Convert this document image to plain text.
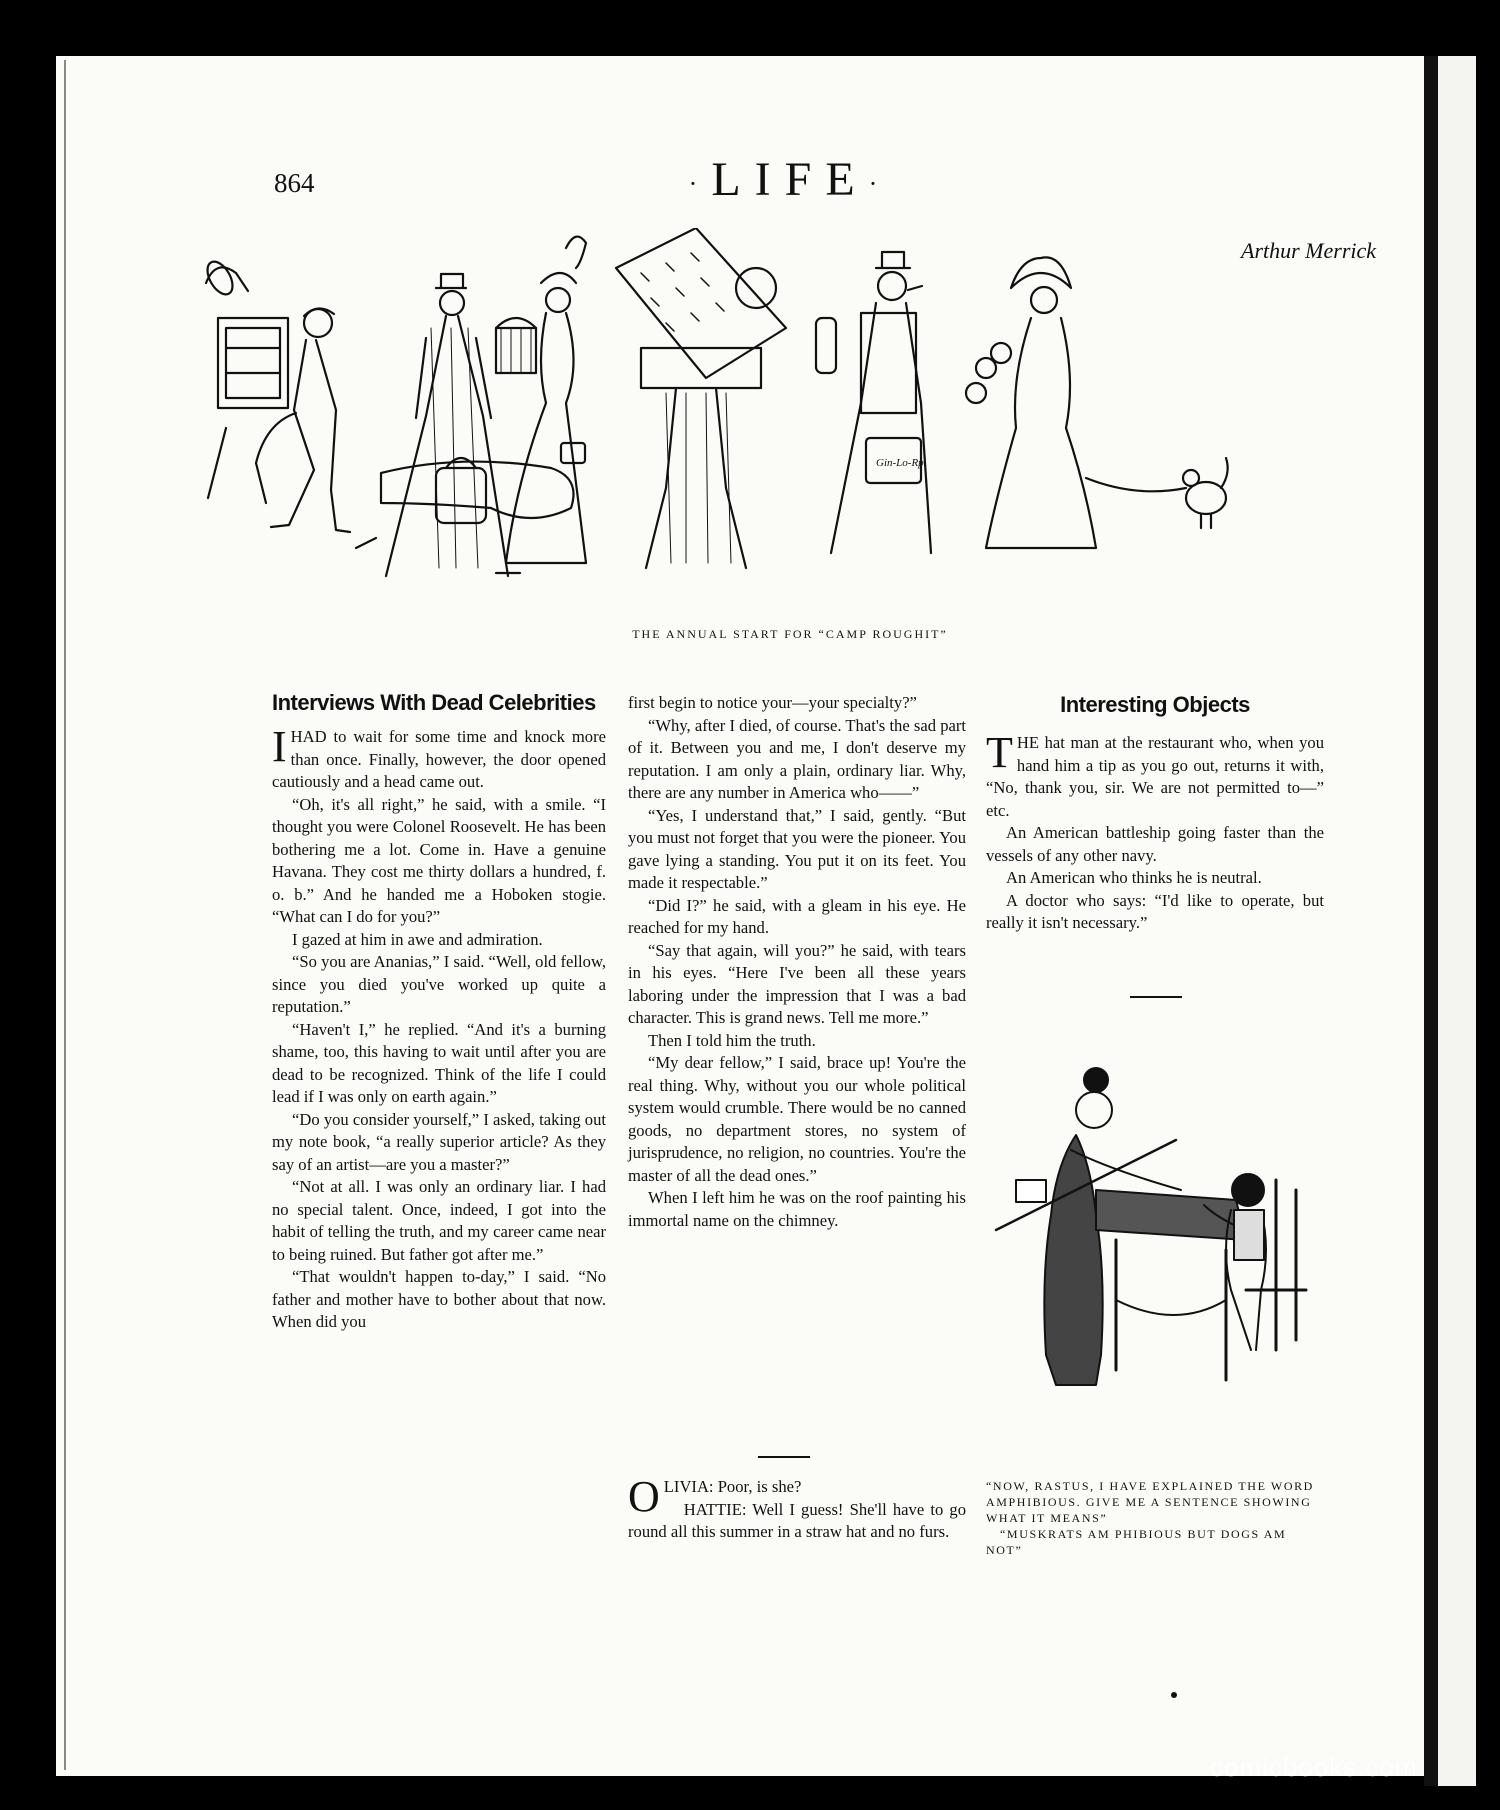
864	·LIFE·
Arthur Merrick
Gin-Lo-Rp
THE ANNUAL START FOR “CAMP ROUGHIT”
Interviews With Dead Celebrities

I HAD to wait for some time and knock more than once. Finally, however, the door opened cautiously and a head came out.

“Oh, it's all right,” he said, with a smile. “I thought you were Colonel Roosevelt. He has been bothering me a lot. Come in. Have a genuine Havana. They cost me thirty dollars a hundred, f. o. b.” And he handed me a Hoboken stogie. “What can I do for you?”

I gazed at him in awe and admiration.

“So you are Ananias,” I said. “Well, old fellow, since you died you've worked up quite a reputation.”

“Haven't I,” he replied. “And it's a burning shame, too, this having to wait until after you are dead to be recognized. Think of the life I could lead if I was only on earth again.”

“Do you consider yourself,” I asked, taking out my note book, “a really superior article? As they say of an artist—are you a master?”

“Not at all. I was only an ordinary liar. I had no special talent. Once, indeed, I got into the habit of telling the truth, and my career came near to being ruined. But father got after me.”

“That wouldn't happen to-day,” I said. “No father and mother have to bother about that now. When did you

first begin to notice your—your specialty?”

“Why, after I died, of course. That's the sad part of it. Between you and me, I don't deserve my reputation. I am only a plain, ordinary liar. Why, there are any number in America who——”

“Yes, I understand that,” I said, gently. “But you must not forget that you were the pioneer. You gave lying a standing. You put it on its feet. You made it respectable.”

“Did I?” he said, with a gleam in his eye. He reached for my hand.

“Say that again, will you?” he said, with tears in his eyes. “Here I've been all these years laboring under the impression that I was a bad character. This is grand news. Tell me more.”

Then I told him the truth.

“My dear fellow,” I said, brace up! You're the real thing. Why, without you our whole political system would crumble. There would be no canned goods, no department stores, no system of jurisprudence, no religion, no countries. You're the master of all the dead ones.”

When I left him he was on the roof painting his immortal name on the chimney.

OLIVIA: Poor, is she?

HATTIE: Well I guess! She'll have to go round all this summer in a straw hat and no furs.

Interesting Objects

THE hat man at the restaurant who, when you hand him a tip as you go out, returns it with, “No, thank you, sir. We are not permitted to—” etc.

An American battleship going faster than the vessels of any other navy.

An American who thinks he is neutral.

A doctor who says: “I'd like to operate, but really it isn't necessary.”

“NOW, RASTUS, I HAVE EXPLAINED THE WORD AMPHIBIOUS. GIVE ME A SENTENCE SHOWING WHAT IT MEANS”
“MUSKRATS AM PHIBIOUS BUT DOGS AM NOT”
comicbooks.com
